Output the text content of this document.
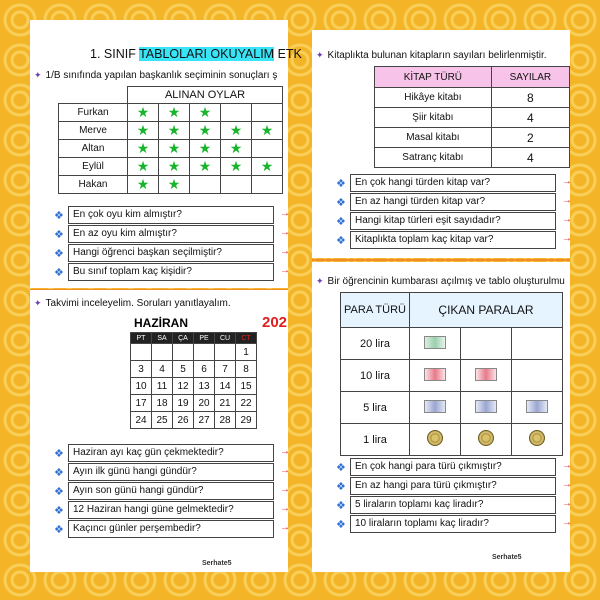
1. SINIF TABLOLARI OKUYALIM ETK
✦ 1/B sınıfında yapılan başkanlık seçiminin sonuçları ş
	ALINAN OYLAR				
Furkan	★	★	★		
Merve	★	★	★	★	★
Altan	★	★	★	★	
Eylül	★	★	★	★	★
Hakan	★	★			
❖ En çok oyu kim almıştır?	→
❖ En az oyu kim almıştır?	→
❖ Hangi öğrenci başkan seçilmiştir?	→
❖ Bu sınıf toplam kaç kişidir?	→
✦ Takvimi inceleyelim. Soruları yanıtlayalım.
HAZİRAN	202
PT	SA	ÇA	PE	CU	CT
					1
3	4	5	6	7	8
10	11	12	13	14	15
17	18	19	20	21	22
24	25	26	27	28	29
❖ Haziran ayı kaç gün çekmektedir?	→
❖ Ayın ilk günü hangi gündür?	→
❖ Ayın son günü hangi gündür?	→
❖ 12 Haziran hangi güne gelmektedir?	→
❖ Kaçıncı günler perşembedir?	→
Serhate5
✦ Kitaplıkta bulunan kitapların sayıları belirlenmiştir.
KİTAP TÜRÜ	SAYILAR
Hikâye kitabı	8
Şiir kitabı	4
Masal kitabı	2
Satranç kitabı	4
❖ En çok hangi türden kitap var?	→
❖ En az hangi türden kitap var?	→
❖ Hangi kitap türleri eşit sayıdadır?	→
❖ Kitaplıkta toplam kaç kitap var?	→
✦ Bir öğrencinin kumbarası açılmış ve tablo oluşturulmu
PARA TÜRÜ	ÇIKAN PARALAR		
20 lira			
10 lira			
5 lira			
1 lira			
❖ En çok hangi para türü çıkmıştır?	→
❖ En az hangi para türü çıkmıştır?	→
❖ 5 liraların toplamı kaç liradır?	→
❖ 10 liraların toplamı kaç liradır?	→
Serhate5
